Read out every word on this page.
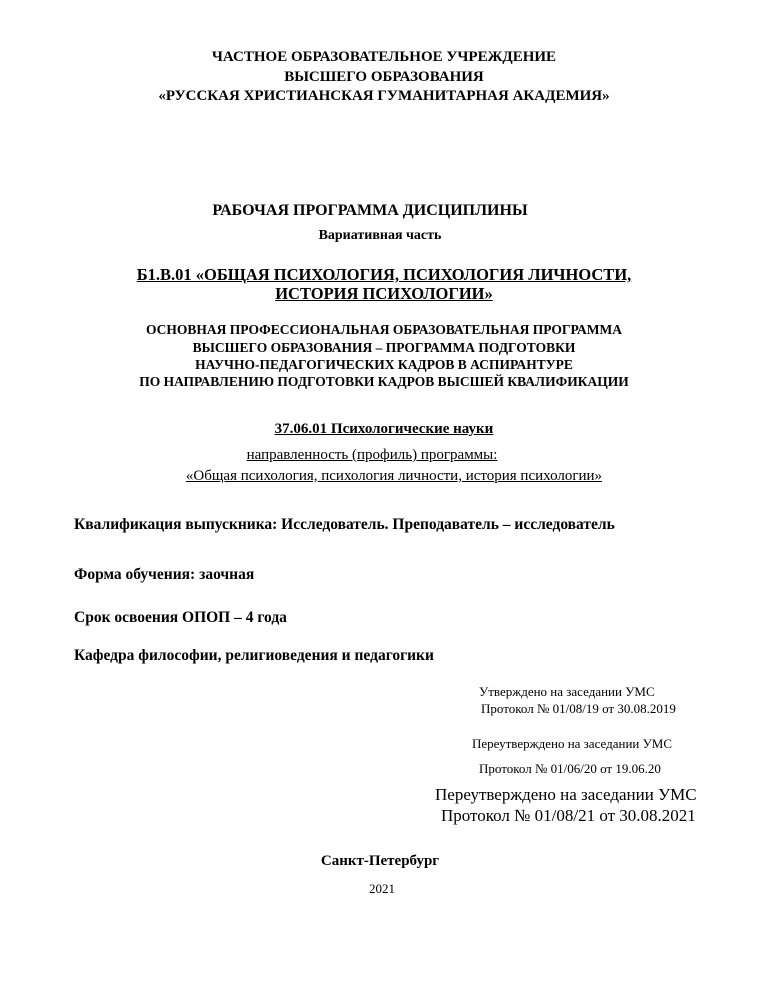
ЧАСТНОЕ ОБРАЗОВАТЕЛЬНОЕ УЧРЕЖДЕНИЕ
ВЫСШЕГО ОБРАЗОВАНИЯ
«РУССКАЯ ХРИСТИАНСКАЯ ГУМАНИТАРНАЯ АКАДЕМИЯ»
РАБОЧАЯ ПРОГРАММА ДИСЦИПЛИНЫ
Вариативная часть
Б1.В.01 «ОБЩАЯ ПСИХОЛОГИЯ, ПСИХОЛОГИЯ ЛИЧНОСТИ,
ИСТОРИЯ ПСИХОЛОГИИ»
ОСНОВНАЯ ПРОФЕССИОНАЛЬНАЯ ОБРАЗОВАТЕЛЬНАЯ ПРОГРАММА
ВЫСШЕГО ОБРАЗОВАНИЯ – ПРОГРАММА ПОДГОТОВКИ
НАУЧНО-ПЕДАГОГИЧЕСКИХ КАДРОВ В АСПИРАНТУРЕ
ПО НАПРАВЛЕНИЮ ПОДГОТОВКИ КАДРОВ ВЫСШЕЙ КВАЛИФИКАЦИИ
37.06.01 Психологические науки
направленность (профиль) программы:
«Общая психология, психология личности, история психологии»
Квалификация выпускника: Исследователь. Преподаватель – исследователь
Форма обучения: заочная
Срок освоения ОПОП – 4 года
Кафедра философии, религиоведения и педагогики
Утверждено на заседании УМС
Протокол № 01/08/19 от 30.08.2019
Переутверждено на заседании УМС
Протокол № 01/06/20 от 19.06.20
Переутверждено на заседании УМС
Протокол № 01/08/21 от 30.08.2021
Санкт-Петербург
2021
